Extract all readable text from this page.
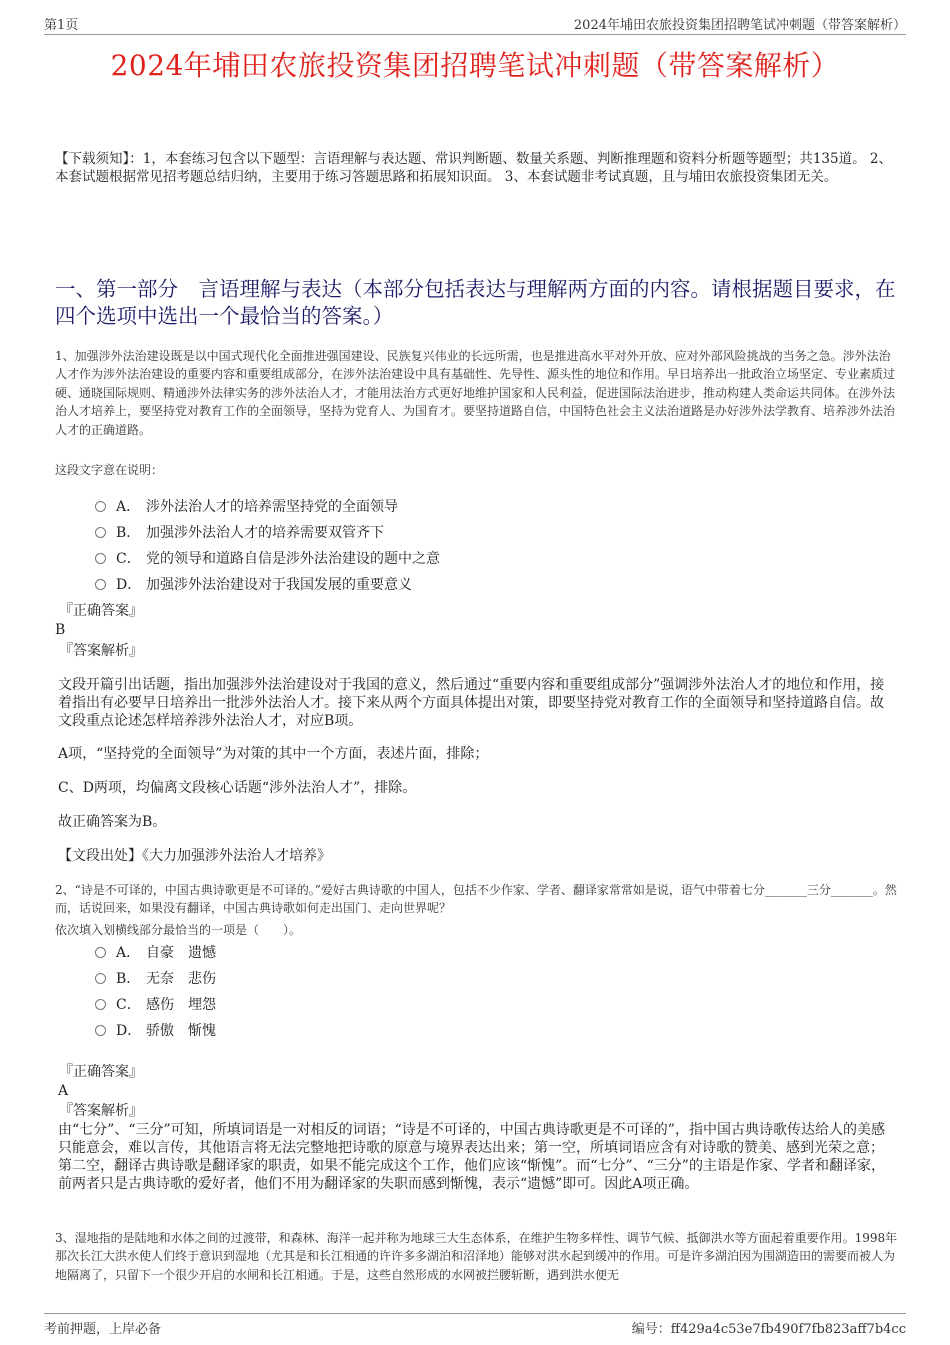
第1页	2024年埔田农旅投资集团招聘笔试冲刺题（带答案解析）
2024年埔田农旅投资集团招聘笔试冲刺题（带答案解析）
【下载须知】：1，本套练习包含以下题型：言语理解与表达题、常识判断题、数量关系题、判断推理题和资料分析题等题型；共135道。 2、本套试题根据常见招考题总结归纳，主要用于练习答题思路和拓展知识面。 3、本套试题非考试真题，且与埔田农旅投资集团无关。
一、第一部分　言语理解与表达（本部分包括表达与理解两方面的内容。请根据题目要求，在四个选项中选出一个最恰当的答案。）
1、加强涉外法治建设既是以中国式现代化全面推进强国建设、民族复兴伟业的长远所需，也是推进高水平对外开放、应对外部风险挑战的当务之急。涉外法治人才作为涉外法治建设的重要内容和重要组成部分，在涉外法治建设中具有基础性、先导性、源头性的地位和作用。早日培养出一批政治立场坚定、专业素质过硬、通晓国际规则、精通涉外法律实务的涉外法治人才，才能用法治方式更好地维护国家和人民利益，促进国际法治进步，推动构建人类命运共同体。在涉外法治人才培养上，要坚持党对教育工作的全面领导，坚持为党育人、为国育才。要坚持道路自信，中国特色社会主义法治道路是办好涉外法学教育、培养涉外法治人才的正确道路。
这段文字意在说明：
A． 涉外法治人才的培养需坚持党的全面领导
B． 加强涉外法治人才的培养需要双管齐下
C． 党的领导和道路自信是涉外法治建设的题中之意
D． 加强涉外法治建设对于我国发展的重要意义
『正确答案』
B
『答案解析』
文段开篇引出话题，指出加强涉外法治建设对于我国的意义，然后通过“重要内容和重要组成部分”强调涉外法治人才的地位和作用，接着指出有必要早日培养出一批涉外法治人才。接下来从两个方面具体提出对策，即要坚持党对教育工作的全面领导和坚持道路自信。故文段重点论述怎样培养涉外法治人才，对应B项。
A项，“坚持党的全面领导”为对策的其中一个方面，表述片面，排除；
C、D两项，均偏离文段核心话题“涉外法治人才”，排除。
故正确答案为B。
【文段出处】《大力加强涉外法治人才培养》
2、“诗是不可译的，中国古典诗歌更是不可译的。”爱好古典诗歌的中国人，包括不少作家、学者、翻译家常常如是说，语气中带着七分_______三分_______。然而，话说回来，如果没有翻译，中国古典诗歌如何走出国门、走向世界呢？
依次填入划横线部分最恰当的一项是（　　）。
A． 自豪　遗憾
B． 无奈　悲伤
C． 感伤　埋怨
D． 骄傲　惭愧
『正确答案』
A
『答案解析』
由“七分”、“三分”可知，所填词语是一对相反的词语；“诗是不可译的，中国古典诗歌更是不可译的”，指中国古典诗歌传达给人的美感只能意会，难以言传，其他语言将无法完整地把诗歌的原意与境界表达出来；第一空，所填词语应含有对诗歌的赞美、感到光荣之意；第二空，翻译古典诗歌是翻译家的职责，如果不能完成这个工作，他们应该“惭愧”。而“七分”、“三分”的主语是作家、学者和翻译家，前两者只是古典诗歌的爱好者，他们不用为翻译家的失职而感到惭愧，表示“遗憾”即可。因此A项正确。
3、湿地指的是陆地和水体之间的过渡带，和森林、海洋一起并称为地球三大生态体系，在维护生物多样性、调节气候、抵御洪水等方面起着重要作用。1998年那次长江大洪水使人们终于意识到湿地（尤其是和长江相通的许许多多湖泊和沼泽地）能够对洪水起到缓冲的作用。可是许多湖泊因为围湖造田的需要而被人为地隔离了，只留下一个很少开启的水闸和长江相通。于是，这些自然形成的水网被拦腰斩断，遇到洪水便无
考前押题，上岸必备	编号：ff429a4c53e7fb490f7fb823aff7b4cc
